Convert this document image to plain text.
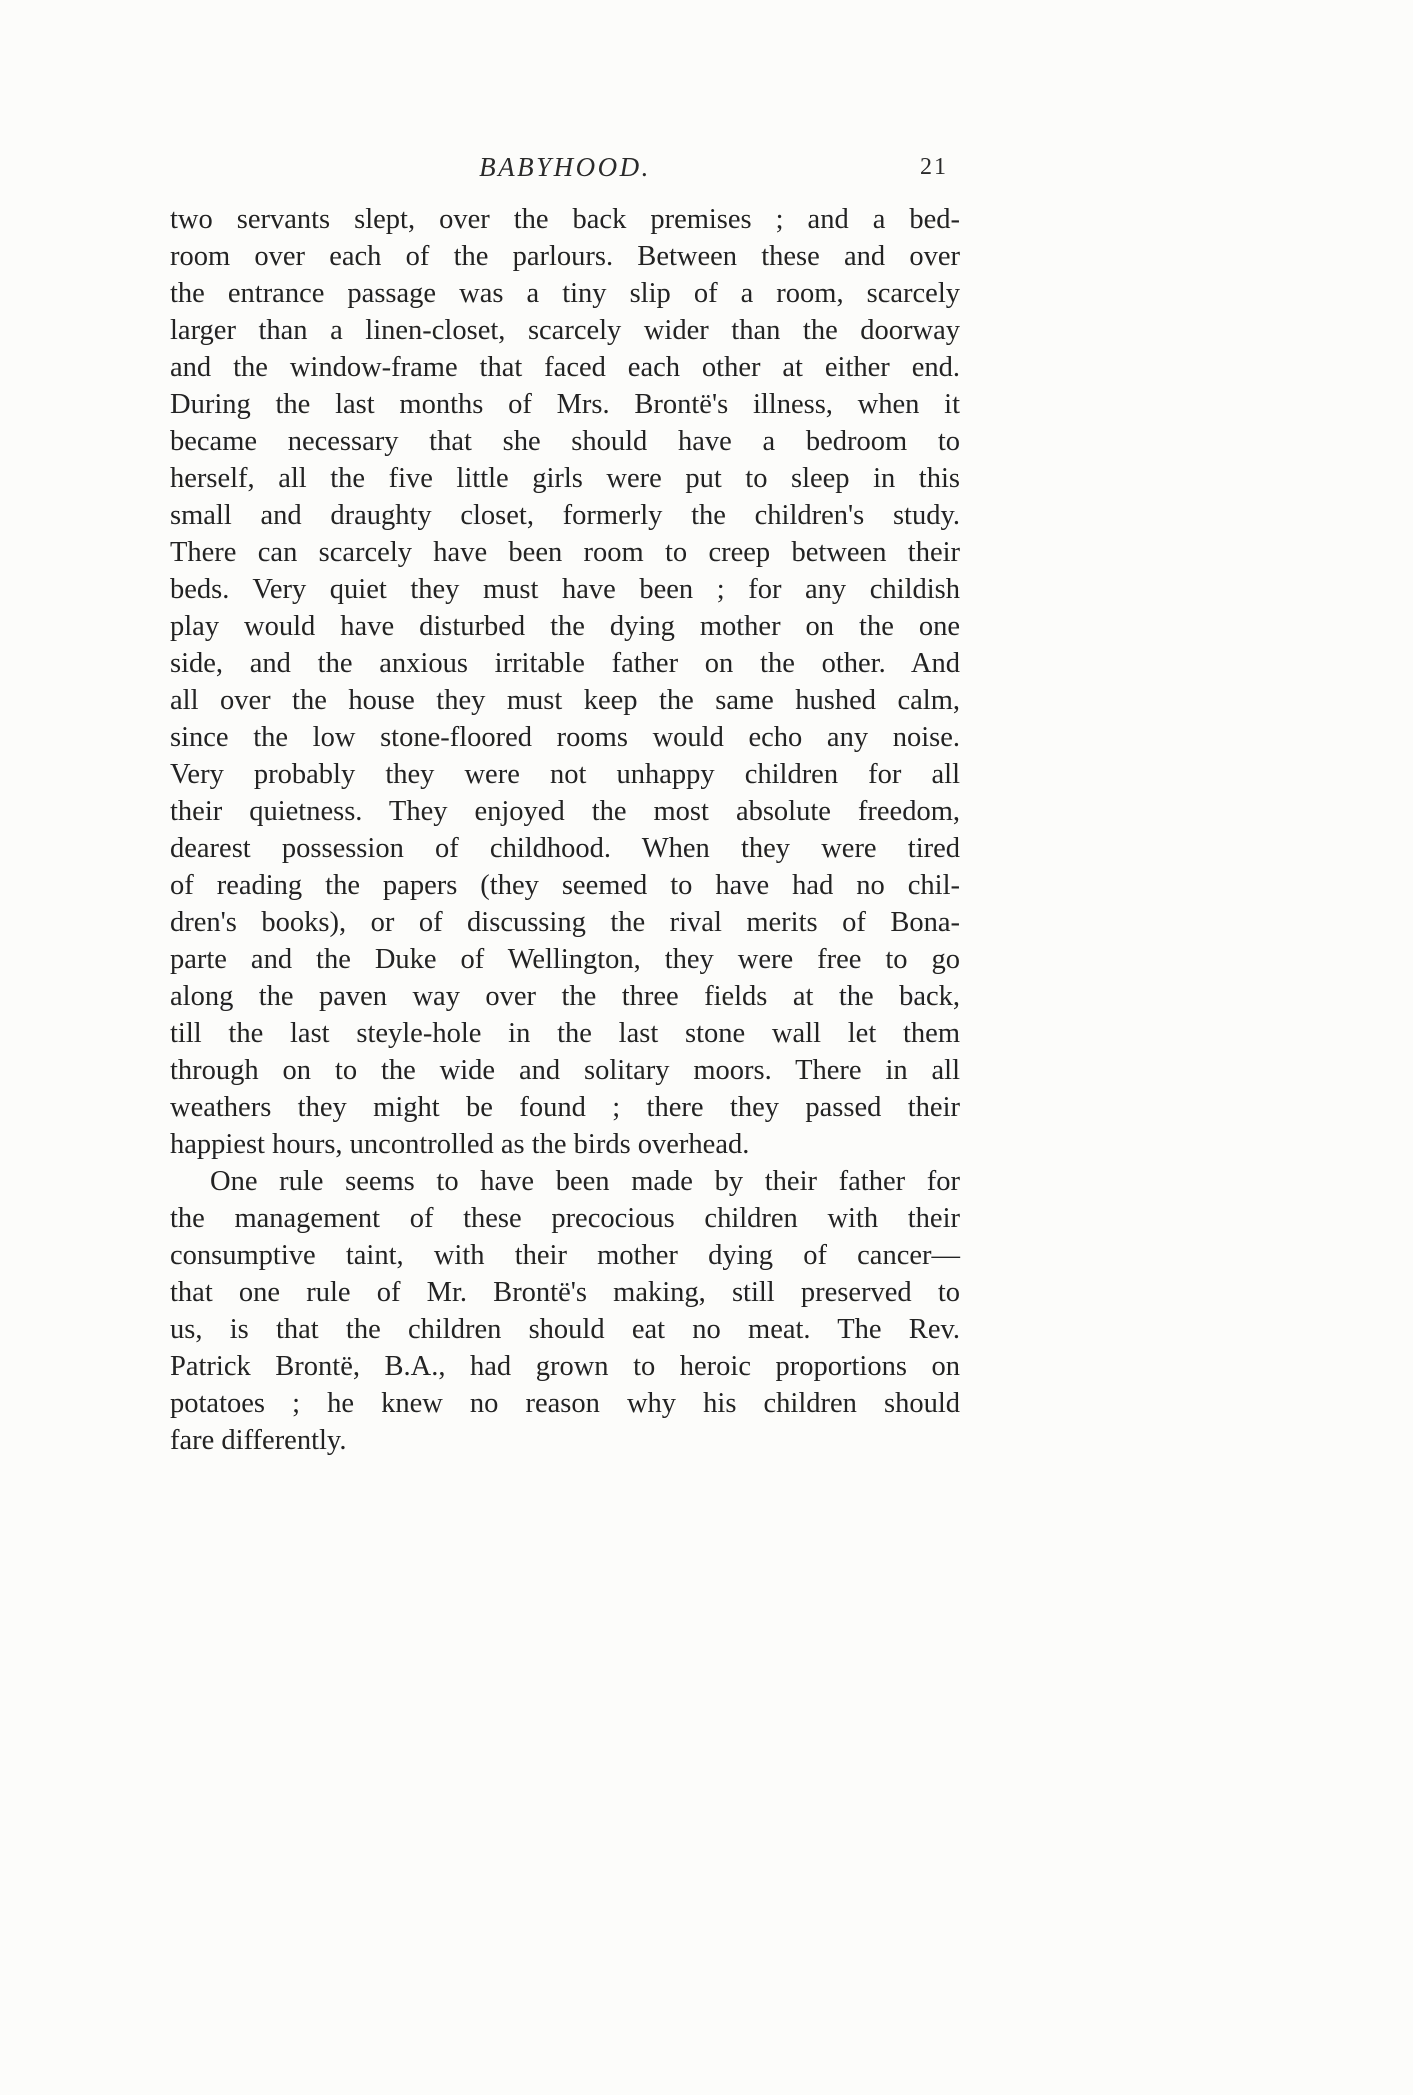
BABYHOOD.	21
two servants slept, over the back premises ; and a bed-
room over each of the parlours. Between these and over
the entrance passage was a tiny slip of a room, scarcely
larger than a linen-closet, scarcely wider than the doorway
and the window-frame that faced each other at either end.
During the last months of Mrs. Brontë's illness, when it
became necessary that she should have a bedroom to
herself, all the five little girls were put to sleep in this
small and draughty closet, formerly the children's study.
There can scarcely have been room to creep between their
beds. Very quiet they must have been ; for any childish
play would have disturbed the dying mother on the one
side, and the anxious irritable father on the other. And
all over the house they must keep the same hushed calm,
since the low stone-floored rooms would echo any noise.
Very probably they were not unhappy children for all
their quietness. They enjoyed the most absolute freedom,
dearest possession of childhood. When they were tired
of reading the papers (they seemed to have had no chil-
dren's books), or of discussing the rival merits of Bona-
parte and the Duke of Wellington, they were free to go
along the paven way over the three fields at the back,
till the last steyle-hole in the last stone wall let them
through on to the wide and solitary moors. There in all
weathers they might be found ; there they passed their
happiest hours, uncontrolled as the birds overhead.
One rule seems to have been made by their father for
the management of these precocious children with their
consumptive taint, with their mother dying of cancer—
that one rule of Mr. Brontë's making, still preserved to
us, is that the children should eat no meat. The Rev.
Patrick Brontë, B.A., had grown to heroic proportions on
potatoes ; he knew no reason why his children should
fare differently.
